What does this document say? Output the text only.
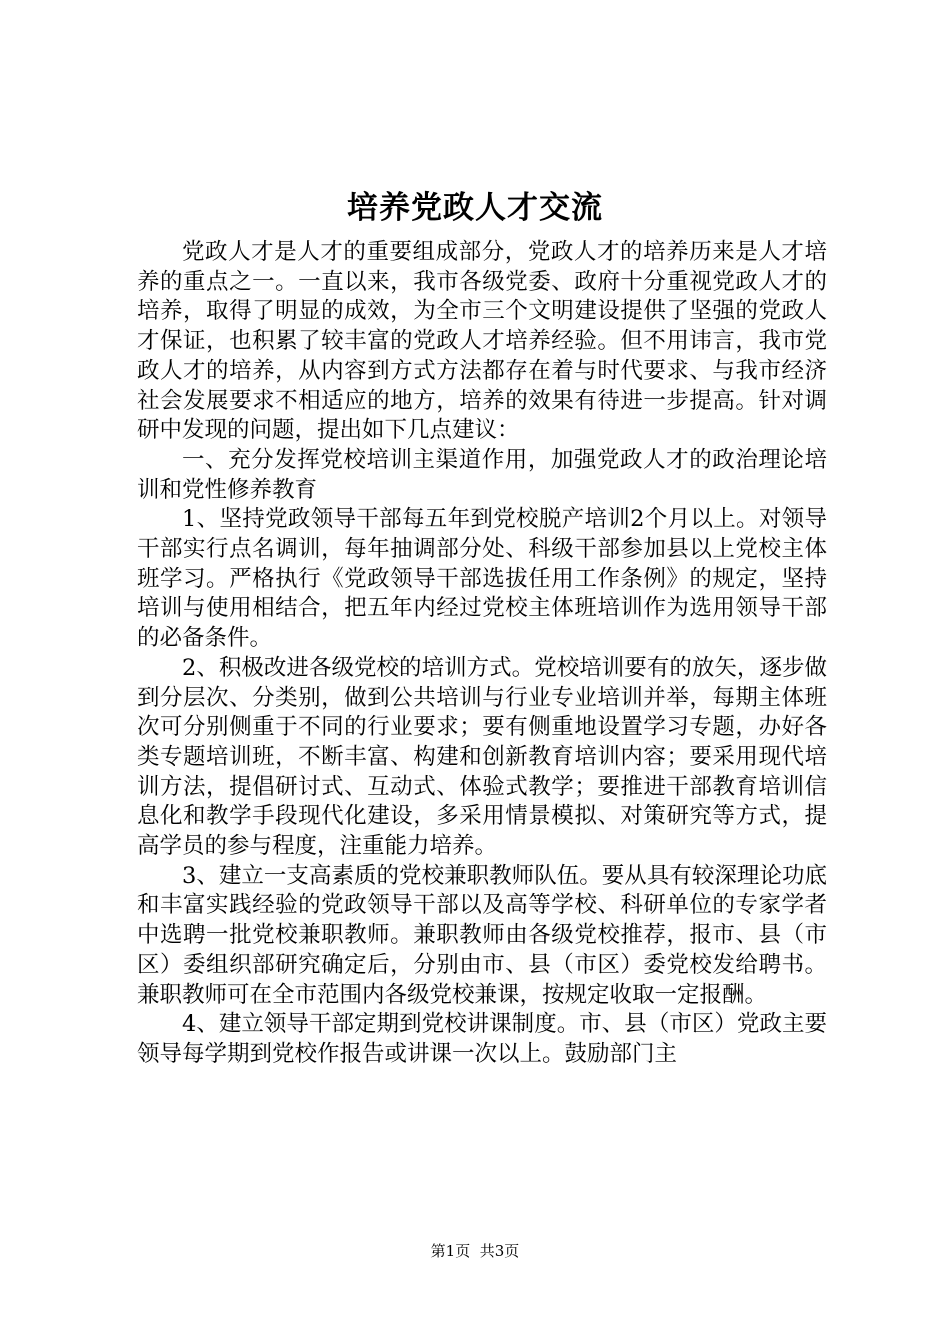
培养党政人才交流

党政人才是人才的重要组成部分，党政人才的培养历来是人才培养的重点之一。一直以来，我市各级党委、政府十分重视党政人才的培养，取得了明显的成效，为全市三个文明建设提供了坚强的党政人才保证，也积累了较丰富的党政人才培养经验。但不用讳言，我市党政人才的培养，从内容到方式方法都存在着与时代要求、与我市经济社会发展要求不相适应的地方，培养的效果有待进一步提高。针对调研中发现的问题，提出如下几点建议：

一、充分发挥党校培训主渠道作用，加强党政人才的政治理论培训和党性修养教育

1、坚持党政领导干部每五年到党校脱产培训2个月以上。对领导干部实行点名调训，每年抽调部分处、科级干部参加县以上党校主体班学习。严格执行《党政领导干部选拔任用工作条例》的规定，坚持培训与使用相结合，把五年内经过党校主体班培训作为选用领导干部的必备条件。

2、积极改进各级党校的培训方式。党校培训要有的放矢，逐步做到分层次、分类别，做到公共培训与行业专业培训并举，每期主体班次可分别侧重于不同的行业要求；要有侧重地设置学习专题，办好各类专题培训班，不断丰富、构建和创新教育培训内容；要采用现代培训方法，提倡研讨式、互动式、体验式教学；要推进干部教育培训信息化和教学手段现代化建设，多采用情景模拟、对策研究等方式，提高学员的参与程度，注重能力培养。

3、建立一支高素质的党校兼职教师队伍。要从具有较深理论功底和丰富实践经验的党政领导干部以及高等学校、科研单位的专家学者中选聘一批党校兼职教师。兼职教师由各级党校推荐，报市、县（市区）委组织部研究确定后，分别由市、县（市区）委党校发给聘书。兼职教师可在全市范围内各级党校兼课，按规定收取一定报酬。

4、建立领导干部定期到党校讲课制度。市、县（市区）党政主要领导每学期到党校作报告或讲课一次以上。鼓励部门主

第1页 共3页
